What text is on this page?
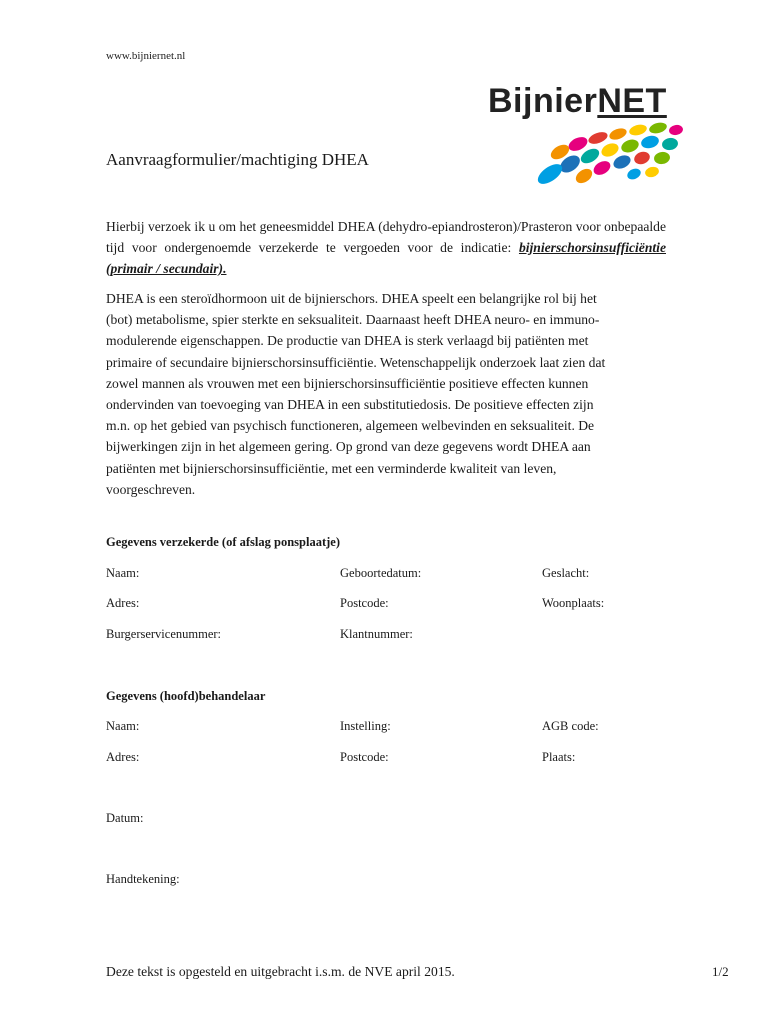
www.bijniernet.nl
BijnierNET
Aanvraagformulier/machtiging DHEA
Hierbij verzoek ik u om het geneesmiddel DHEA (dehydro-epiandrosteron)/Prasteron voor onbepaalde tijd voor ondergenoemde verzekerde te vergoeden voor de indicatie: bijnierschorsinsufficiëntie (primair / secundair).
DHEA is een steroïdhormoon uit de bijnierschors. DHEA speelt een belangrijke rol bij het
(bot) metabolisme, spier sterkte en seksualiteit. Daarnaast heeft DHEA neuro- en immuno-
modulerende eigenschappen. De productie van DHEA is sterk verlaagd bij patiënten met
primaire of secundaire bijnierschorsinsufficiëntie. Wetenschappelijk onderzoek laat zien dat
zowel mannen als vrouwen met een bijnierschorsinsufficiëntie positieve effecten kunnen
ondervinden van toevoeging van DHEA in een substitutiedosis. De positieve effecten zijn
m.n. op het gebied van psychisch functioneren, algemeen welbevinden en seksualiteit. De
bijwerkingen zijn in het algemeen gering. Op grond van deze gegevens wordt DHEA aan
patiënten met bijnierschorsinsufficiëntie, met een verminderde kwaliteit van leven,
voorgeschreven.
Gegevens verzekerde (of afslag ponsplaatje)
Naam:	Geboortedatum:	Geslacht:
Adres:	Postcode:	Woonplaats:
Burgerservicenummer:	Klantnummer:
Gegevens (hoofd)behandelaar
Naam:	Instelling:	AGB code:
Adres:	Postcode:	Plaats:
Datum:
Handtekening:
Deze tekst is opgesteld en uitgebracht i.s.m. de NVE april 2015.	1/2
